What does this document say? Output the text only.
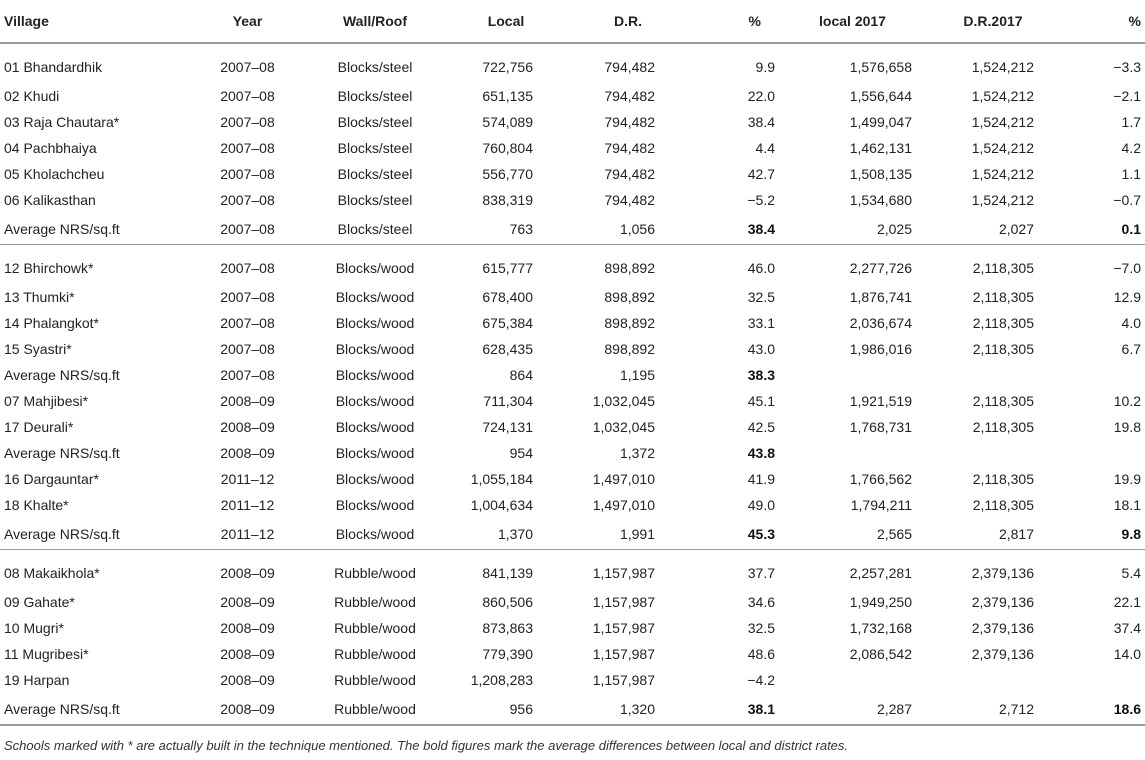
Village	Year	Wall/Roof	Local	D.R.	%	local 2017	D.R.2017	%
01 Bhandardhik	2007–08	Blocks/steel	722,756	794,482	9.9	1,576,658	1,524,212	−3.3
02 Khudi	2007–08	Blocks/steel	651,135	794,482	22.0	1,556,644	1,524,212	−2.1
03 Raja Chautara*	2007–08	Blocks/steel	574,089	794,482	38.4	1,499,047	1,524,212	1.7
04 Pachbhaiya	2007–08	Blocks/steel	760,804	794,482	4.4	1,462,131	1,524,212	4.2
05 Kholachcheu	2007–08	Blocks/steel	556,770	794,482	42.7	1,508,135	1,524,212	1.1
06 Kalikasthan	2007–08	Blocks/steel	838,319	794,482	−5.2	1,534,680	1,524,212	−0.7
Average NRS/sq.ft	2007–08	Blocks/steel	763	1,056	38.4	2,025	2,027	0.1
12 Bhirchowk*	2007–08	Blocks/wood	615,777	898,892	46.0	2,277,726	2,118,305	−7.0
13 Thumki*	2007–08	Blocks/wood	678,400	898,892	32.5	1,876,741	2,118,305	12.9
14 Phalangkot*	2007–08	Blocks/wood	675,384	898,892	33.1	2,036,674	2,118,305	4.0
15 Syastri*	2007–08	Blocks/wood	628,435	898,892	43.0	1,986,016	2,118,305	6.7
Average NRS/sq.ft	2007–08	Blocks/wood	864	1,195	38.3			
07 Mahjibesi*	2008–09	Blocks/wood	711,304	1,032,045	45.1	1,921,519	2,118,305	10.2
17 Deurali*	2008–09	Blocks/wood	724,131	1,032,045	42.5	1,768,731	2,118,305	19.8
Average NRS/sq.ft	2008–09	Blocks/wood	954	1,372	43.8			
16 Dargauntar*	2011–12	Blocks/wood	1,055,184	1,497,010	41.9	1,766,562	2,118,305	19.9
18 Khalte*	2011–12	Blocks/wood	1,004,634	1,497,010	49.0	1,794,211	2,118,305	18.1
Average NRS/sq.ft	2011–12	Blocks/wood	1,370	1,991	45.3	2,565	2,817	9.8
08 Makaikhola*	2008–09	Rubble/wood	841,139	1,157,987	37.7	2,257,281	2,379,136	5.4
09 Gahate*	2008–09	Rubble/wood	860,506	1,157,987	34.6	1,949,250	2,379,136	22.1
10 Mugri*	2008–09	Rubble/wood	873,863	1,157,987	32.5	1,732,168	2,379,136	37.4
11 Mugribesi*	2008–09	Rubble/wood	779,390	1,157,987	48.6	2,086,542	2,379,136	14.0
19 Harpan	2008–09	Rubble/wood	1,208,283	1,157,987	−4.2			
Average NRS/sq.ft	2008–09	Rubble/wood	956	1,320	38.1	2,287	2,712	18.6
Schools marked with * are actually built in the technique mentioned. The bold figures mark the average differences between local and district rates.
